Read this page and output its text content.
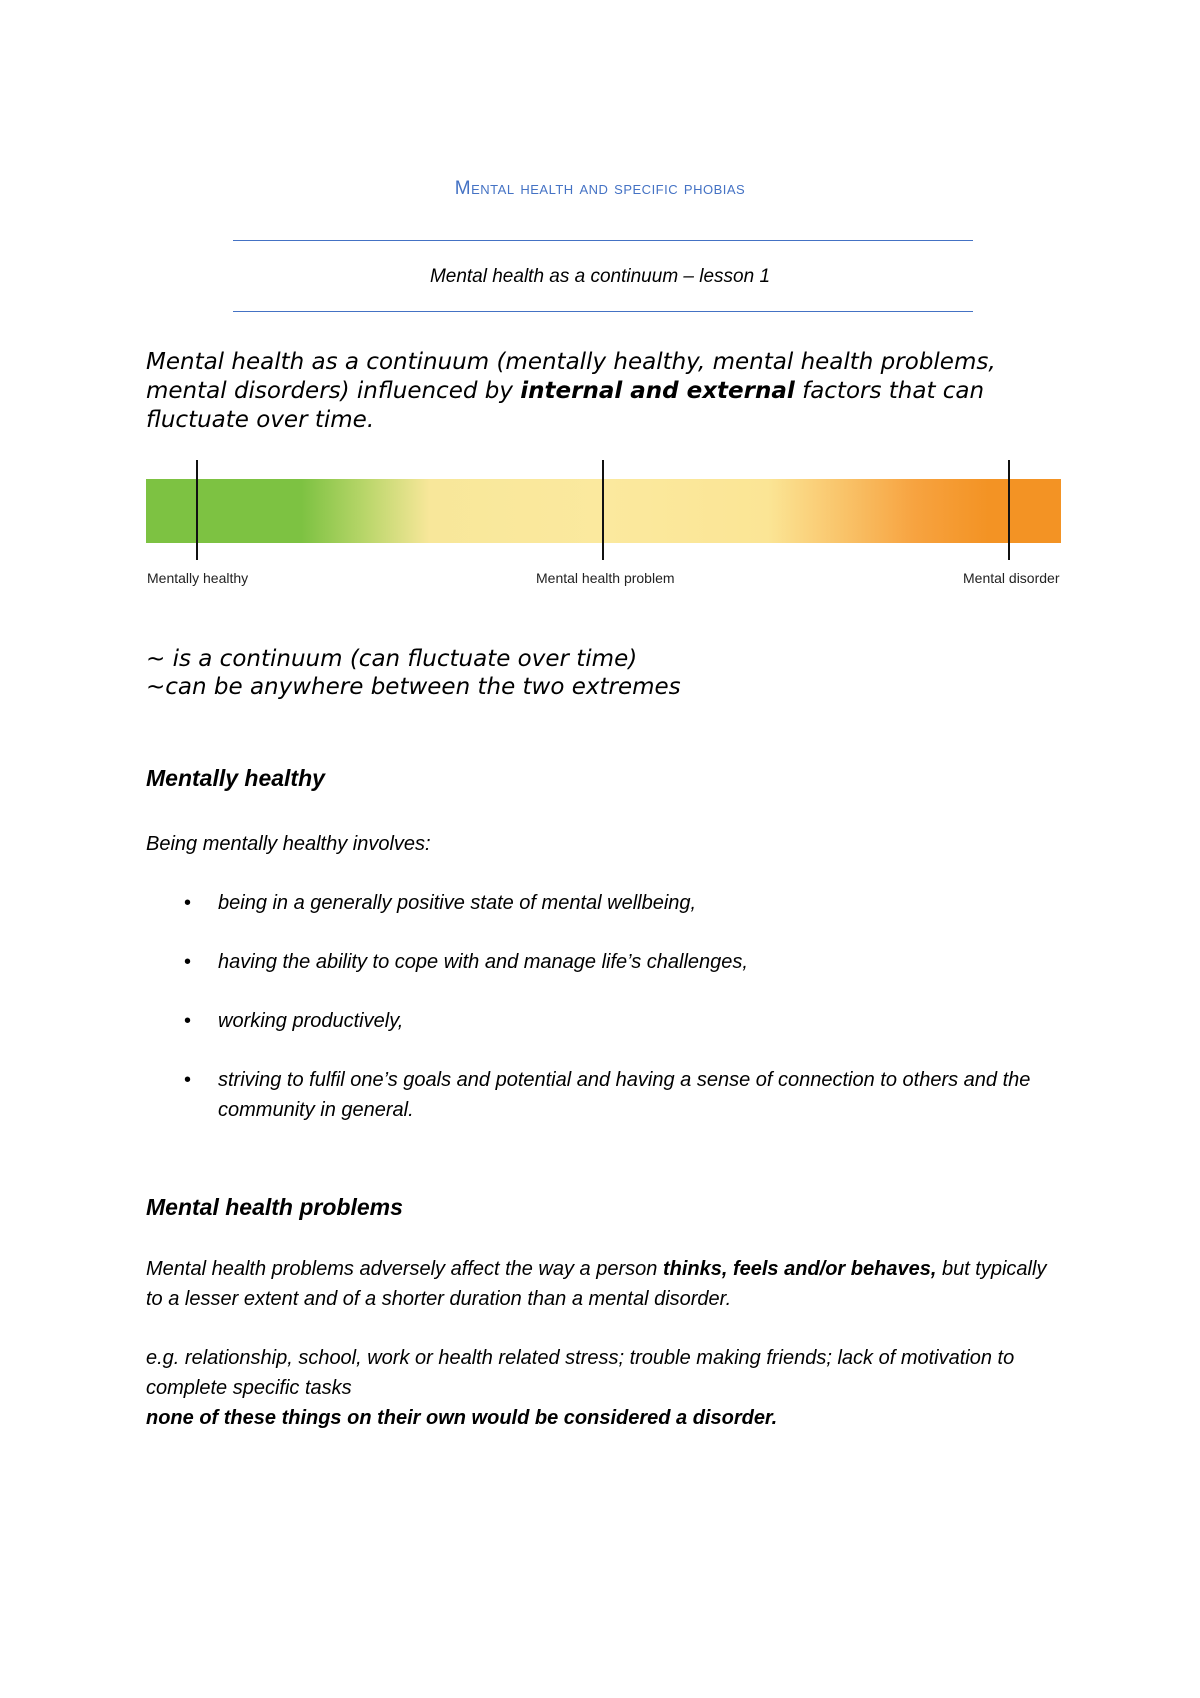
Mental health and specific phobias
Mental health as a continuum – lesson 1
Mental health as a continuum (mentally healthy, mental health problems, mental disorders) influenced by internal and external factors that can fluctuate over time.
Mentally healthy	Mental health problem	Mental disorder
~ is a continuum (can fluctuate over time)
~can be anywhere between the two extremes
Mentally healthy
Being mentally healthy involves:
• being in a generally positive state of mental wellbeing,
• having the ability to cope with and manage life’s challenges,
• working productively,
• striving to fulfil one’s goals and potential and having a sense of connection to others and the community in general.
Mental health problems
Mental health problems adversely affect the way a person thinks, feels and/or behaves, but typically to a lesser extent and of a shorter duration than a mental disorder.
e.g. relationship, school, work or health related stress; trouble making friends; lack of motivation to complete specific tasks
none of these things on their own would be considered a disorder.
